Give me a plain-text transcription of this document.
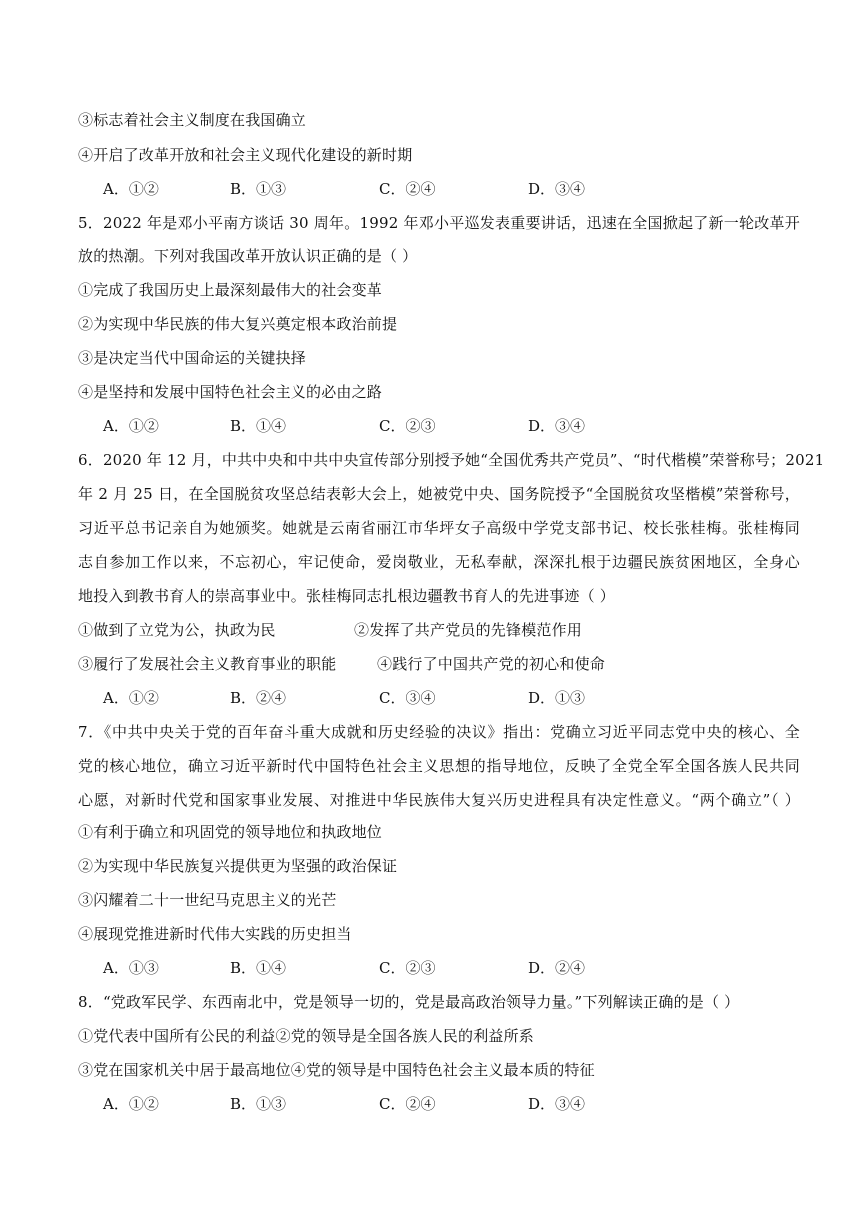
③标志着社会主义制度在我国确立
④开启了改革开放和社会主义现代化建设的新时期
A．①②	B．①③	C．②④	D．③④
5．2022 年是邓小平南方谈话 30 周年。1992 年邓小平巡发表重要讲话，迅速在全国掀起了新一轮改革开
放的热潮。下列对我国改革开放认识正确的是（ ）
①完成了我国历史上最深刻最伟大的社会变革
②为实现中华民族的伟大复兴奠定根本政治前提
③是决定当代中国命运的关键抉择
④是坚持和发展中国特色社会主义的必由之路
A．①②	B．①④	C．②③	D．③④
6．2020 年 12 月，中共中央和中共中央宣传部分别授予她“全国优秀共产党员”、“时代楷模”荣誉称号；2021
年 2 月 25 日，在全国脱贫攻坚总结表彰大会上，她被党中央、国务院授予“全国脱贫攻坚楷模”荣誉称号，
习近平总书记亲自为她颁奖。她就是云南省丽江市华坪女子高级中学党支部书记、校长张桂梅。张桂梅同
志自参加工作以来，不忘初心，牢记使命，爱岗敬业，无私奉献，深深扎根于边疆民族贫困地区，全身心
地投入到教书育人的崇高事业中。张桂梅同志扎根边疆教书育人的先进事迹（ ）
①做到了立党为公，执政为民	②发挥了共产党员的先锋模范作用
③履行了发展社会主义教育事业的职能	④践行了中国共产党的初心和使命
A．①②	B．②④	C．③④	D．①③
7．《中共中央关于党的百年奋斗重大成就和历史经验的决议》指出：党确立习近平同志党中央的核心、全
党的核心地位，确立习近平新时代中国特色社会主义思想的指导地位，反映了全党全军全国各族人民共同
心愿，对新时代党和国家事业发展、对推进中华民族伟大复兴历史进程具有决定性意义。“两个确立”（ ）
①有利于确立和巩固党的领导地位和执政地位
②为实现中华民族复兴提供更为坚强的政治保证
③闪耀着二十一世纪马克思主义的光芒
④展现党推进新时代伟大实践的历史担当
A．①③	B．①④	C．②③	D．②④
8．“党政军民学、东西南北中，党是领导一切的，党是最高政治领导力量。”下列解读正确的是（ ）
①党代表中国所有公民的利益②党的领导是全国各族人民的利益所系
③党在国家机关中居于最高地位④党的领导是中国特色社会主义最本质的特征
A．①②	B．①③	C．②④	D．③④
